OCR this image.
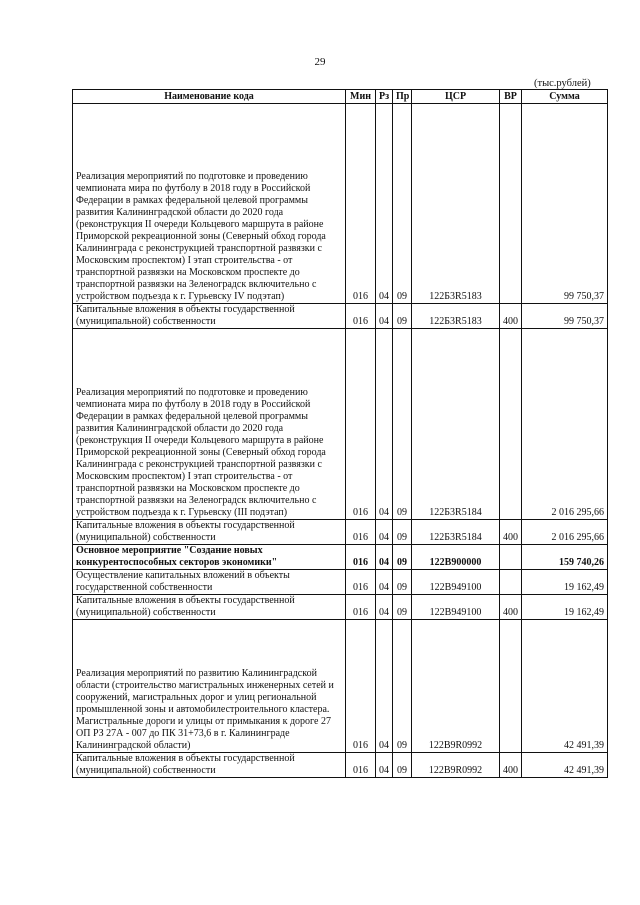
29
(тыс.рублей)
Наименование кода	Мин	Рз	Пр	ЦСР	ВР	Сумма
Реализация мероприятий по подготовке и проведению чемпионата мира по футболу в 2018 году в Российской Федерации в рамках федеральной целевой программы развития Калининградской области до 2020 года (реконструкция II очереди Кольцевого маршрута в районе Приморской рекреационной зоны (Северный обход города Калининграда с реконструкцией транспортной развязки с Московским проспектом) I этап строительства - от транспортной развязки на Московском проспекте до транспортной развязки на Зеленоградск включительно с устройством подъезда к г. Гурьевску IV подэтап)	016	04	09	122Б3R5183		99 750,37
Капитальные вложения в объекты государственной (муниципальной) собственности	016	04	09	122Б3R5183	400	99 750,37
Реализация мероприятий по подготовке и проведению чемпионата мира по футболу в 2018 году в Российской Федерации в рамках федеральной целевой программы развития Калининградской области до 2020 года (реконструкция II очереди Кольцевого маршрута в районе Приморской рекреационной зоны (Северный обход города Калининграда с реконструкцией транспортной развязки с Московским проспектом) I этап строительства - от транспортной развязки на Московском проспекте до транспортной развязки на Зеленоградск включительно с устройством подъезда к г. Гурьевску (III подэтап)	016	04	09	122Б3R5184		2 016 295,66
Капитальные вложения в объекты государственной (муниципальной) собственности	016	04	09	122Б3R5184	400	2 016 295,66
Основное мероприятие "Создание новых конкурентоспособных секторов экономики"	016	04	09	122В900000		159 740,26
Осуществление капитальных вложений в объекты государственной собственности	016	04	09	122В949100		19 162,49
Капитальные вложения в объекты государственной (муниципальной) собственности	016	04	09	122В949100	400	19 162,49
Реализация мероприятий по развитию Калининградской области (строительство магистральных инженерных сетей и сооружений, магистральных дорог и улиц региональной промышленной зоны и автомобилестроительного кластера. Магистральные дороги и улицы от примыкания к дороге 27 ОП РЗ 27А - 007 до ПК 31+73,6 в г. Калининграде Калининградской области)	016	04	09	122В9R0992		42 491,39
Капитальные вложения в объекты государственной (муниципальной) собственности	016	04	09	122В9R0992	400	42 491,39
